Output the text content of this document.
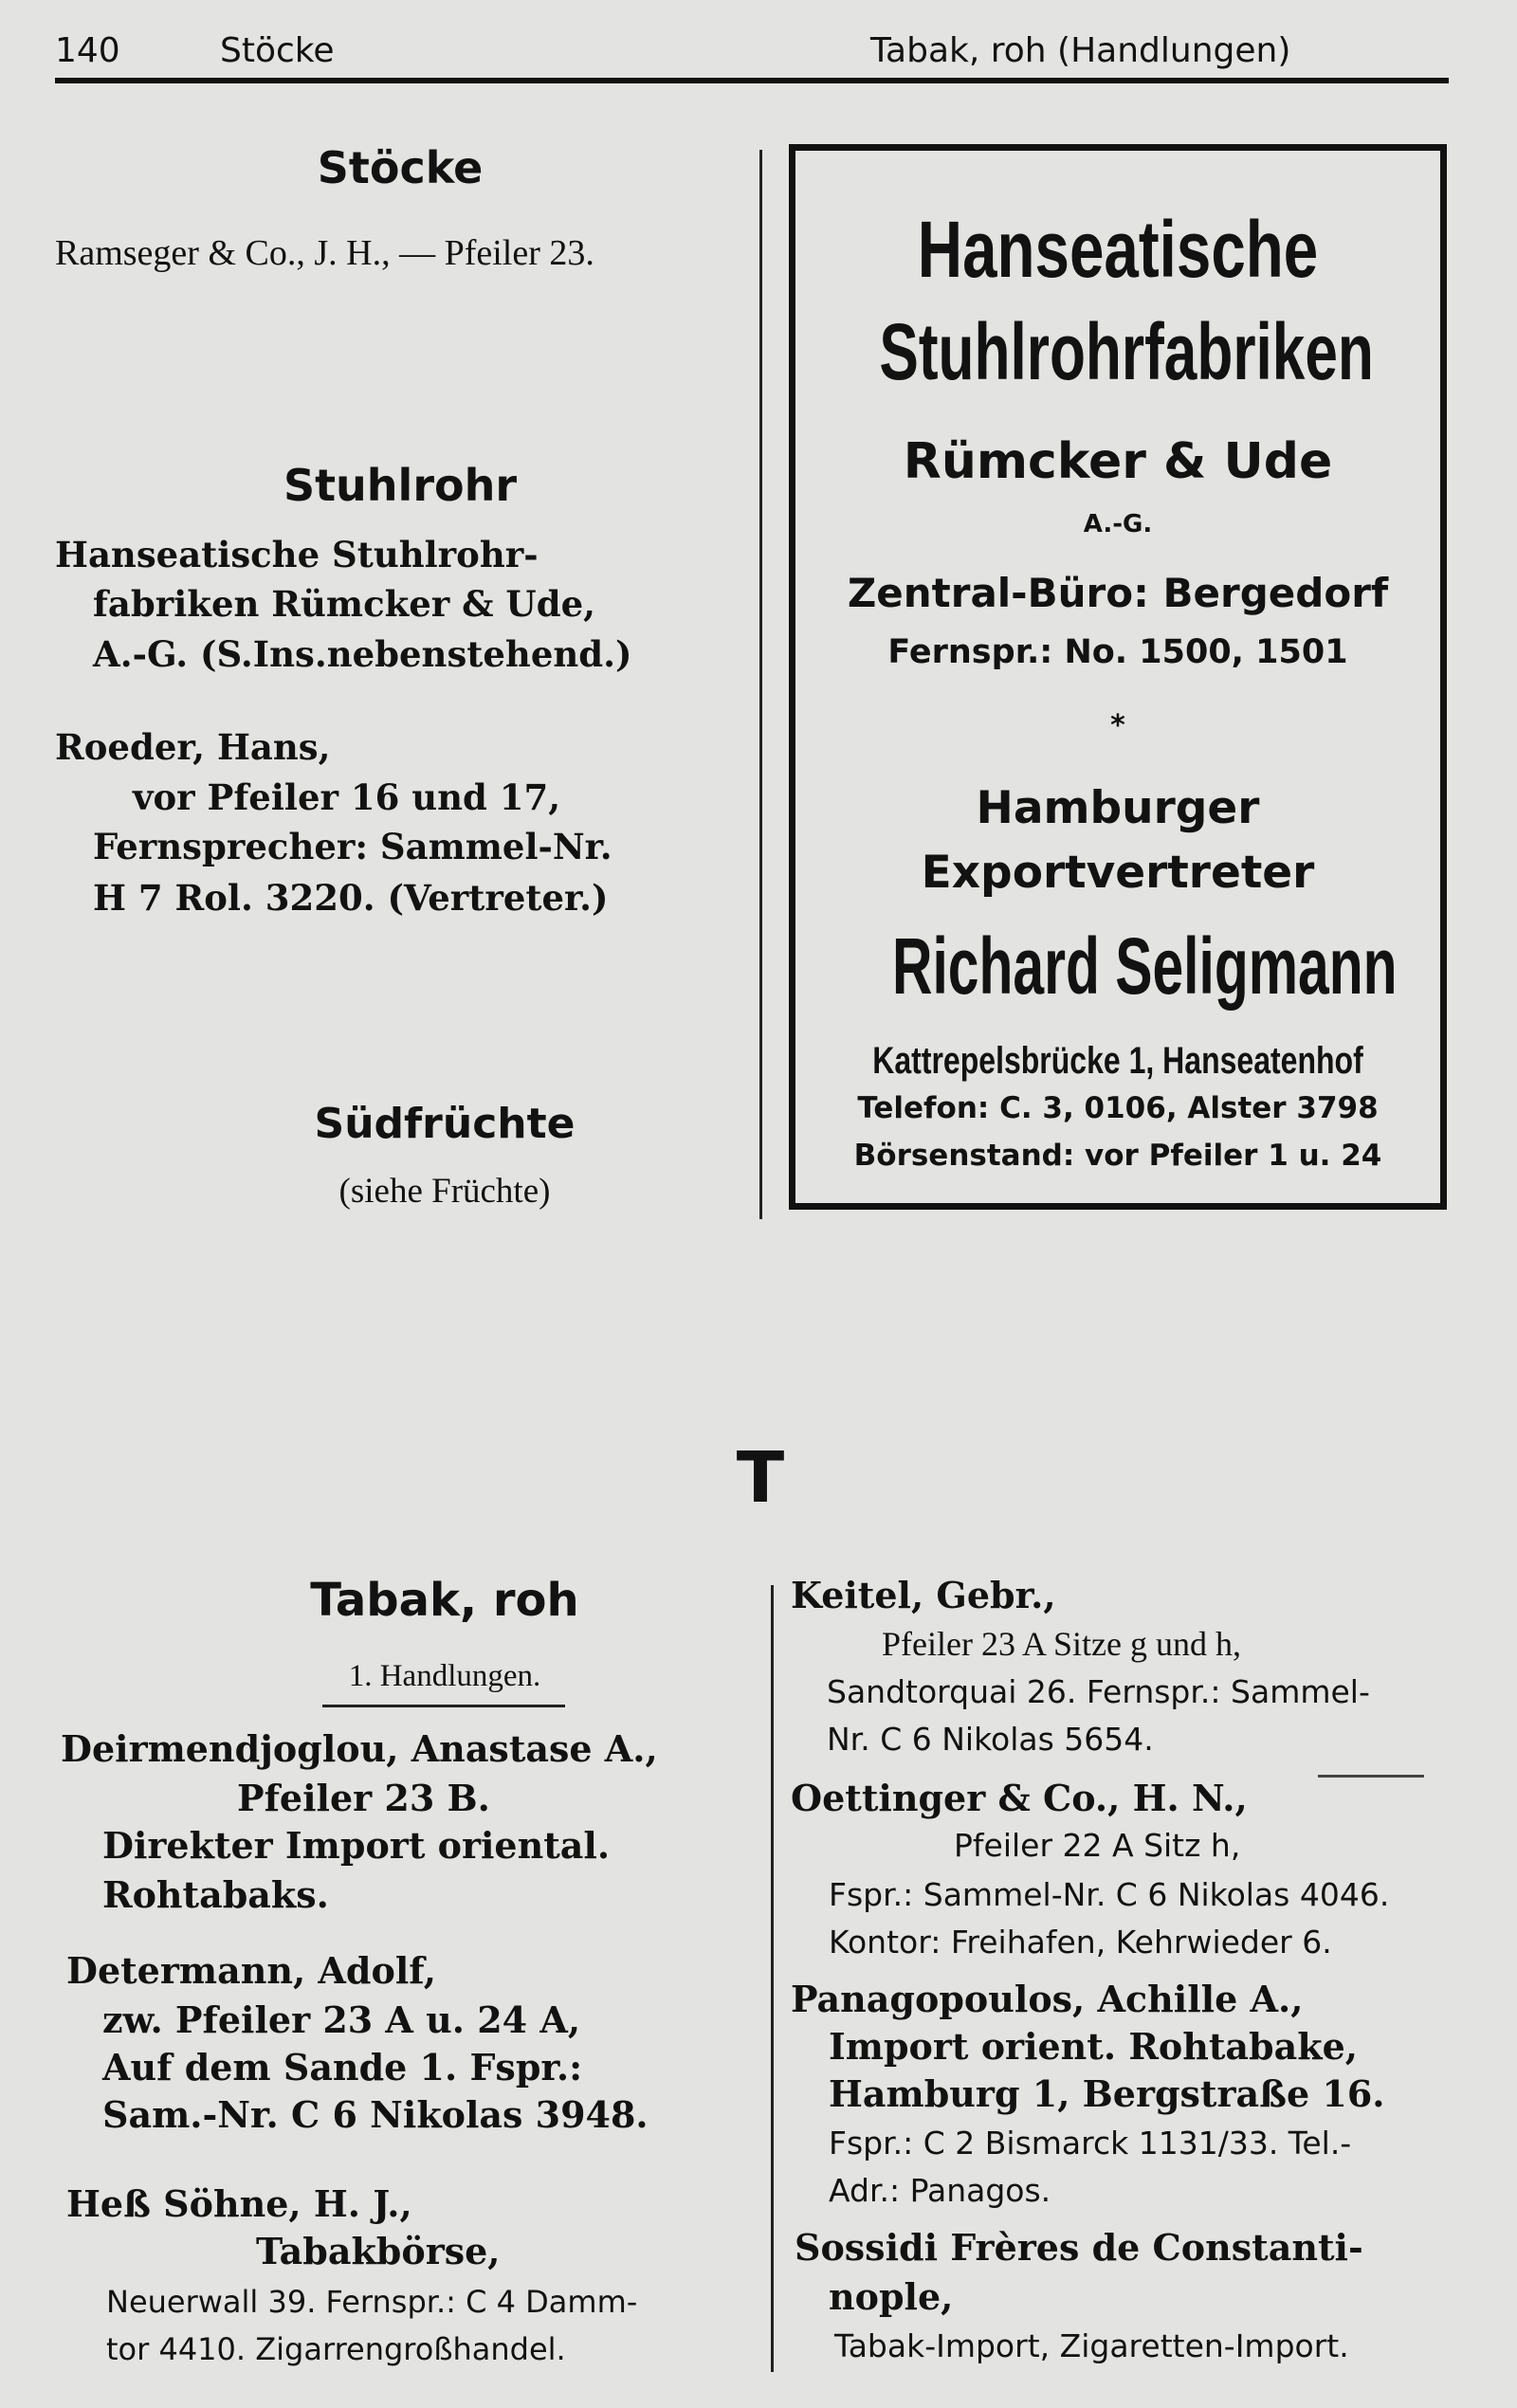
140	Stöcke	Tabak, roh (Handlungen)
Stöcke
Ramseger & Co., J. H., — Pfeiler 23.
Stuhlrohr
Hanseatische Stuhlrohr-
fabriken Rümcker & Ude,
A.-G. (S.Ins.nebenstehend.)
Roeder, Hans,
vor Pfeiler 16 und 17,
Fernsprecher: Sammel-Nr.
H 7 Rol. 3220. (Vertreter.)
Südfrüchte
(siehe Früchte)
Hanseatische
Stuhlrohrfabriken
Rümcker & Ude
A.-G.
Zentral-Büro: Bergedorf
Fernspr.: No. 1500, 1501
*
Hamburger
Exportvertreter
Richard Seligmann
Kattrepelsbrücke 1, Hanseatenhof
Telefon: C. 3, 0106, Alster 3798
Börsenstand: vor Pfeiler 1 u. 24
T
Tabak, roh
1. Handlungen.
Deirmendjoglou, Anastase A.,
Pfeiler 23 B.
Direkter Import oriental.
Rohtabaks.
Determann, Adolf,
zw. Pfeiler 23 A u. 24 A,
Auf dem Sande 1. Fspr.:
Sam.-Nr. C 6 Nikolas 3948.
Heß Söhne, H. J.,
Tabakbörse,
Neuerwall 39. Fernspr.: C 4 Damm-
tor 4410. Zigarrengroßhandel.
Keitel, Gebr.,
Pfeiler 23 A Sitze g und h,
Sandtorquai 26. Fernspr.: Sammel-
Nr. C 6 Nikolas 5654.
Oettinger & Co., H. N.,
Pfeiler 22 A Sitz h,
Fspr.: Sammel-Nr. C 6 Nikolas 4046.
Kontor: Freihafen, Kehrwieder 6.
Panagopoulos, Achille A.,
Import orient. Rohtabake,
Hamburg 1, Bergstraße 16.
Fspr.: C 2 Bismarck 1131/33. Tel.-
Adr.: Panagos.
Sossidi Frères de Constanti-
nople,
Tabak-Import, Zigaretten-Import.
